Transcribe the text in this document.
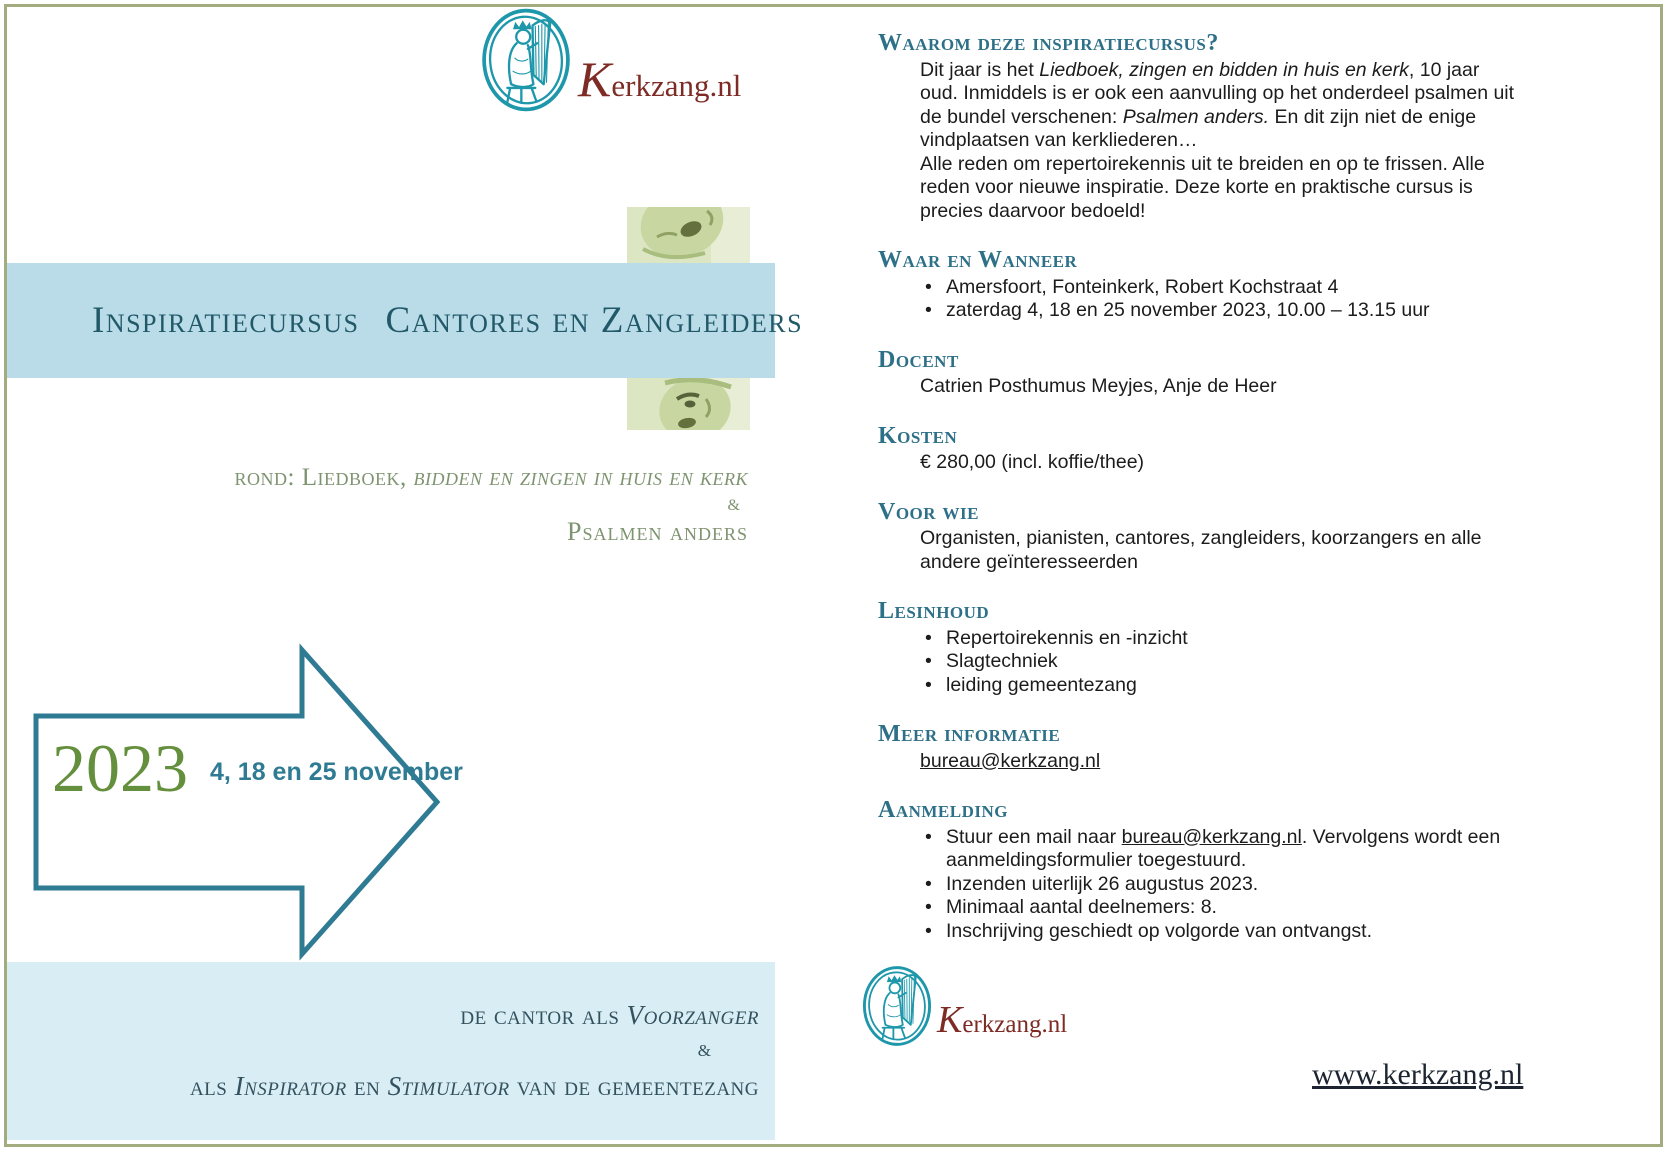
Kerkzang.nl
Inspiratiecursus Cantores en Zangleiders
rond: Liedboek, bidden en zingen in huis en kerk
&
Psalmen anders
2023 4, 18 en 25 november
de cantor als Voorzanger
&
als Inspirator en Stimulator van de gemeentezang
Waarom deze inspiratiecursus?
Dit jaar is het Liedboek, zingen en bidden in huis en kerk, 10 jaar oud. Inmiddels is er ook een aanvulling op het onderdeel psalmen uit de bundel verschenen: Psalmen anders. En dit zijn niet de enige vindplaatsen van kerkliederen…
Alle reden om repertoirekennis uit te breiden en op te frissen. Alle reden voor nieuwe inspiratie. Deze korte en praktische cursus is precies daarvoor bedoeld!
Waar en Wanneer
• Amersfoort, Fonteinkerk, Robert Kochstraat 4
• zaterdag 4, 18 en 25 november 2023, 10.00 – 13.15 uur
Docent
Catrien Posthumus Meyjes, Anje de Heer
Kosten
€ 280,00 (incl. koffie/thee)
Voor wie
Organisten, pianisten, cantores, zangleiders, koorzangers en alle andere geïnteresseerden
Lesinhoud
• Repertoirekennis en -inzicht
• Slagtechniek
• leiding gemeentezang
Meer informatie
bureau@kerkzang.nl
Aanmelding
• Stuur een mail naar bureau@kerkzang.nl. Vervolgens wordt een aanmeldingsformulier toegestuurd.
• Inzenden uiterlijk 26 augustus 2023.
• Minimaal aantal deelnemers: 8.
• Inschrijving geschiedt op volgorde van ontvangst.
Kerkzang.nl
www.kerkzang.nl
